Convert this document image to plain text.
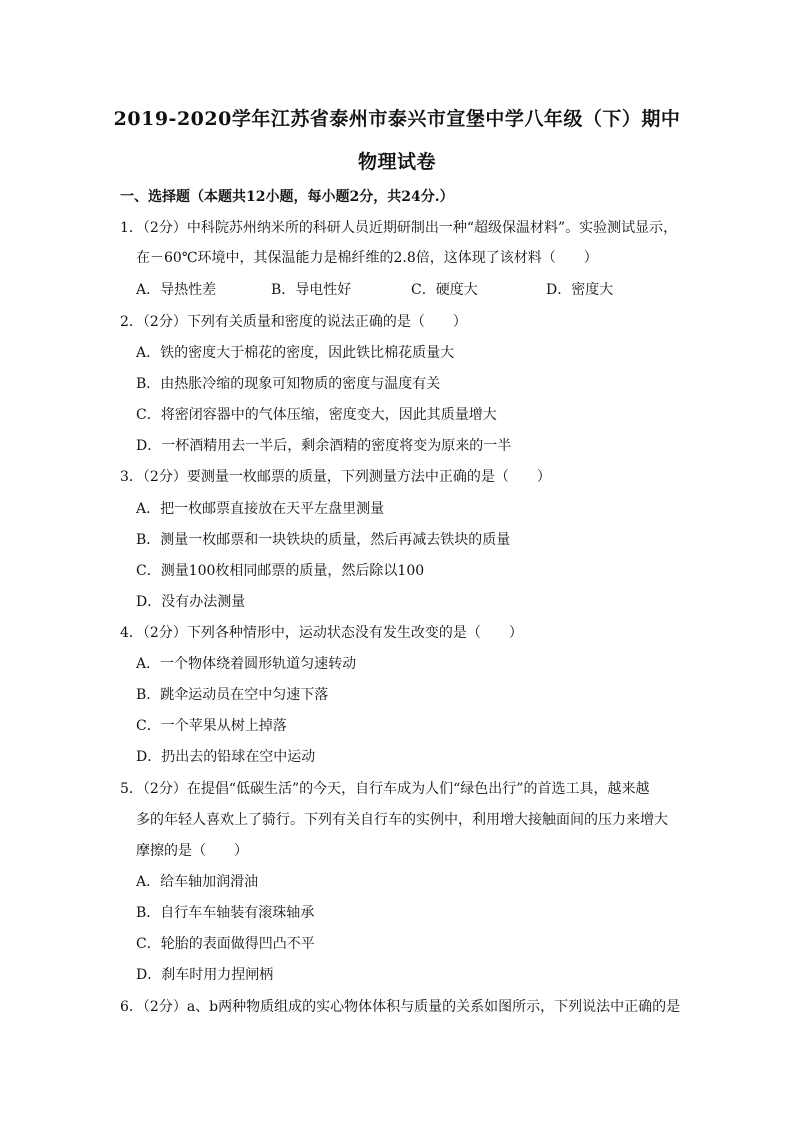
2019-2020学年江苏省泰州市泰兴市宣堡中学八年级（下）期中
物理试卷
一、选择题（本题共12小题，每小题2分，共24分.）
1．（2分）中科院苏州纳米所的科研人员近期研制出一种“超级保温材料”。实验测试显示，
在－60℃环境中，其保温能力是棉纤维的2.8倍，这体现了该材料（　　）
A．导热性差	B．导电性好	C．硬度大	D．密度大
2．（2分）下列有关质量和密度的说法正确的是（　　）
A．铁的密度大于棉花的密度，因此铁比棉花质量大
B．由热胀冷缩的现象可知物质的密度与温度有关
C．将密闭容器中的气体压缩，密度变大，因此其质量增大
D．一杯酒精用去一半后，剩余酒精的密度将变为原来的一半
3．（2分）要测量一枚邮票的质量，下列测量方法中正确的是（　　）
A．把一枚邮票直接放在天平左盘里测量
B．测量一枚邮票和一块铁块的质量，然后再减去铁块的质量
C．测量100枚相同邮票的质量，然后除以100
D．没有办法测量
4．（2分）下列各种情形中，运动状态没有发生改变的是（　　）
A．一个物体绕着圆形轨道匀速转动
B．跳伞运动员在空中匀速下落
C．一个苹果从树上掉落
D．扔出去的铅球在空中运动
5．（2分）在提倡“低碳生活”的今天，自行车成为人们“绿色出行”的首选工具，越来越
多的年轻人喜欢上了骑行。下列有关自行车的实例中，利用增大接触面间的压力来增大
摩擦的是（　　）
A．给车轴加润滑油
B．自行车车轴装有滚珠轴承
C．轮胎的表面做得凹凸不平
D．刹车时用力捏闸柄
6．（2分）a、b两种物质组成的实心物体体积与质量的关系如图所示，下列说法中正确的是
